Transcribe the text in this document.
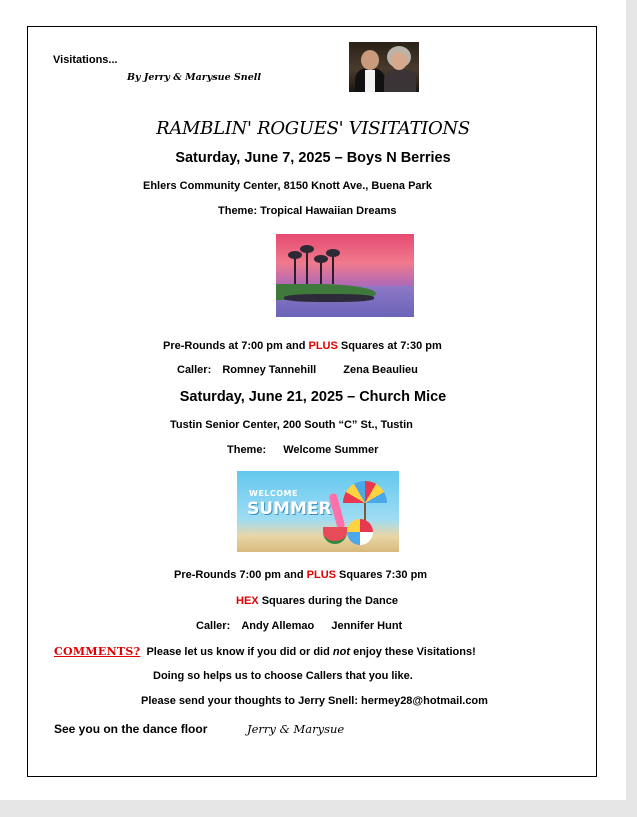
Visitations...
By Jerry & Marysue Snell
RAMBLIN' ROGUES' VISITATIONS
Saturday, June 7, 2025 – Boys N Berries
Ehlers Community Center, 8150 Knott Ave., Buena Park
Theme: Tropical Hawaiian Dreams
Pre-Rounds at 7:00 pm and PLUS Squares at 7:30 pm
Caller: Romney Tannehill Zena Beaulieu
Saturday, June 21, 2025 – Church Mice
Tustin Senior Center, 200 South “C” St., Tustin
Theme: Welcome Summer
WELCOME
SUMMER
Pre-Rounds 7:00 pm and PLUS Squares 7:30 pm
HEX Squares during the Dance
Caller: Andy Allemao Jennifer Hunt
COMMENTS? Please let us know if you did or did not enjoy these Visitations!
Doing so helps us to choose Callers that you like.
Please send your thoughts to Jerry Snell: hermey28@hotmail.com
See you on the dance floor	Jerry & Marysue
